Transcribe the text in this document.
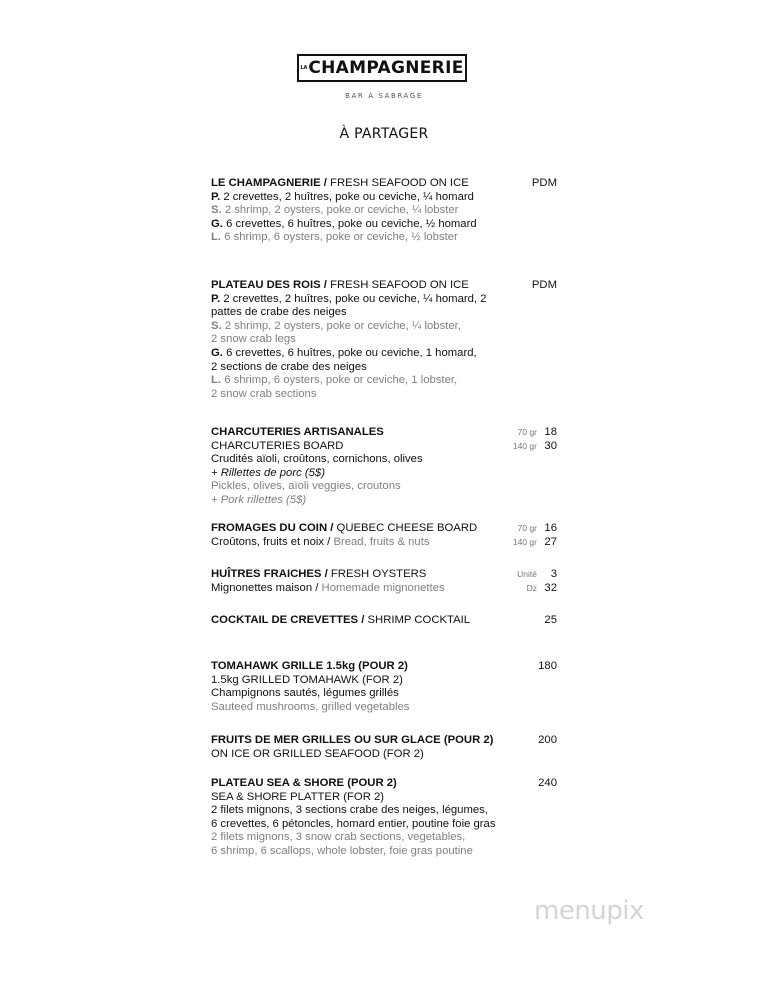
LA CHAMPAGNERIE
BAR À SABRAGE
À PARTAGER
LE CHAMPAGNERIE / FRESH SEAFOOD ON ICE
P. 2 crevettes, 2 huîtres, poke ou ceviche, ¼ homard
S. 2 shrimp, 2 oysters, poke or ceviche, ¼ lobster
G. 6 crevettes, 6 huîtres, poke ou ceviche, ½ homard
L. 6 shrimp, 6 oysters, poke or ceviche, ½ lobster
PDM
PLATEAU DES ROIS / FRESH SEAFOOD ON ICE
P. 2 crevettes, 2 huîtres, poke ou ceviche, ¼ homard, 2 pattes de crabe des neiges
S. 2 shrimp, 2 oysters, poke or ceviche, ¼ lobster, 2 snow crab legs
G. 6 crevettes, 6 huîtres, poke ou ceviche, 1 homard, 2 sections de crabe des neiges
L. 6 shrimp, 6 oysters, poke or ceviche, 1 lobster, 2 snow crab sections
PDM
CHARCUTERIES ARTISANALES
CHARCUTERIES BOARD
Crudités aïoli, croûtons, cornichons, olives
+ Rillettes de porc (5$)
Pickles, olives, aïoli veggies, croutons
+ Pork rillettes (5$)
70 gr 18
140 gr 30
FROMAGES DU COIN / QUEBEC CHEESE BOARD
Croûtons, fruits et noix / Bread, fruits & nuts
70 gr 16
140 gr 27
HUÎTRES FRAICHES / FRESH OYSTERS
Mignonettes maison / Homemade mignonettes
Unité 3
Dz 32
COCKTAIL DE CREVETTES / SHRIMP COCKTAIL	25
TOMAHAWK GRILLE 1.5kg (POUR 2)
1.5kg GRILLED TOMAHAWK (FOR 2)
Champignons sautés, légumes grillés
Sauteed mushrooms, grilled vegetables
180
FRUITS DE MER GRILLES OU SUR GLACE (POUR 2)
ON ICE OR GRILLED SEAFOOD (FOR 2)
200
PLATEAU SEA & SHORE (POUR 2)
SEA & SHORE PLATTER (FOR 2)
2 filets mignons, 3 sections crabe des neiges, légumes,
6 crevettes, 6 pétoncles, homard entier, poutine foie gras
2 filets mignons, 3 snow crab sections, vegetables,
6 shrimp, 6 scallops, whole lobster, foie gras poutine
240
menupix
